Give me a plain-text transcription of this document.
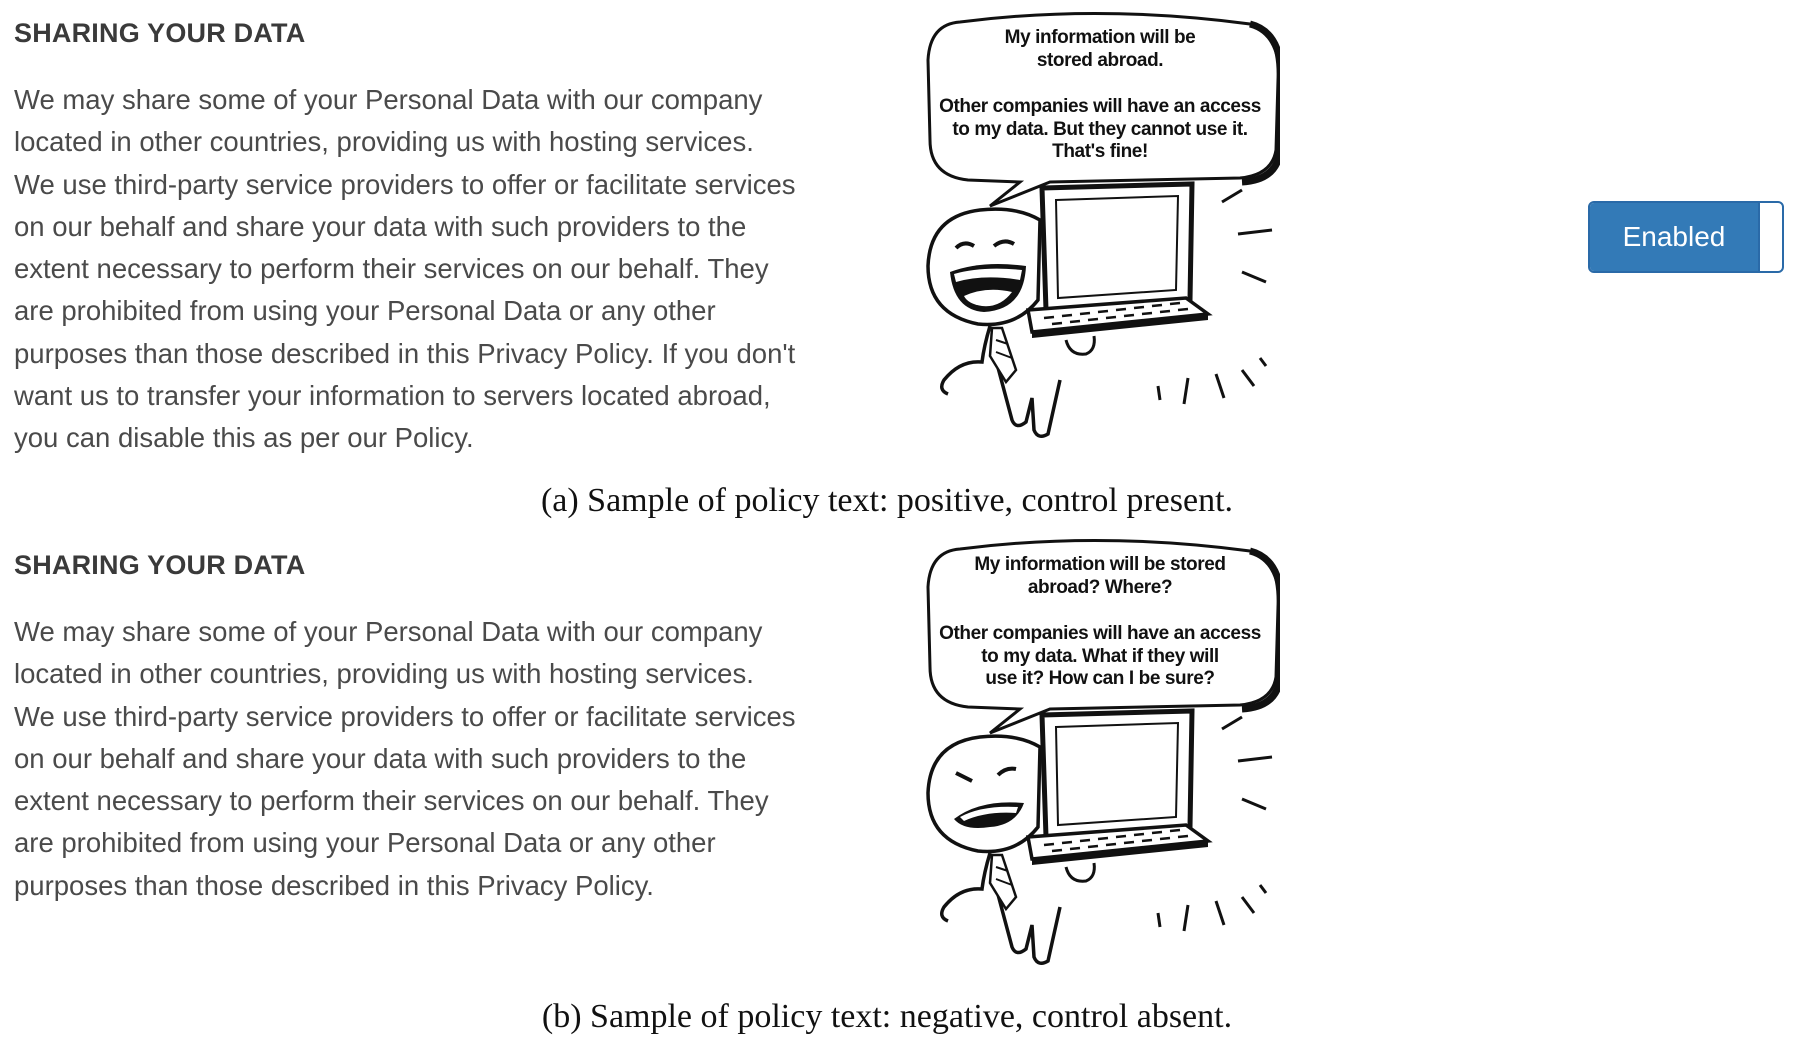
SHARING YOUR DATA

We may share some of your Personal Data with our company
located in other countries, providing us with hosting services.
We use third-party service providers to offer or facilitate services
on our behalf and share your data with such providers to the
extent necessary to perform their services on our behalf. They
are prohibited from using your Personal Data or any other
purposes than those described in this Privacy Policy. If you don't
want us to transfer your information to servers located abroad,
you can disable this as per our Policy.

My information will be
stored abroad.
Other companies will have an access
to my data. But they cannot use it.
That's fine!
Enabled

(a) Sample of policy text: positive, control present.

SHARING YOUR DATA

We may share some of your Personal Data with our company
located in other countries, providing us with hosting services.
We use third-party service providers to offer or facilitate services
on our behalf and share your data with such providers to the
extent necessary to perform their services on our behalf. They
are prohibited from using your Personal Data or any other
purposes than those described in this Privacy Policy.

My information will be stored
abroad? Where?
Other companies will have an access
to my data. What if they will
use it? How can I be sure?

(b) Sample of policy text: negative, control absent.
